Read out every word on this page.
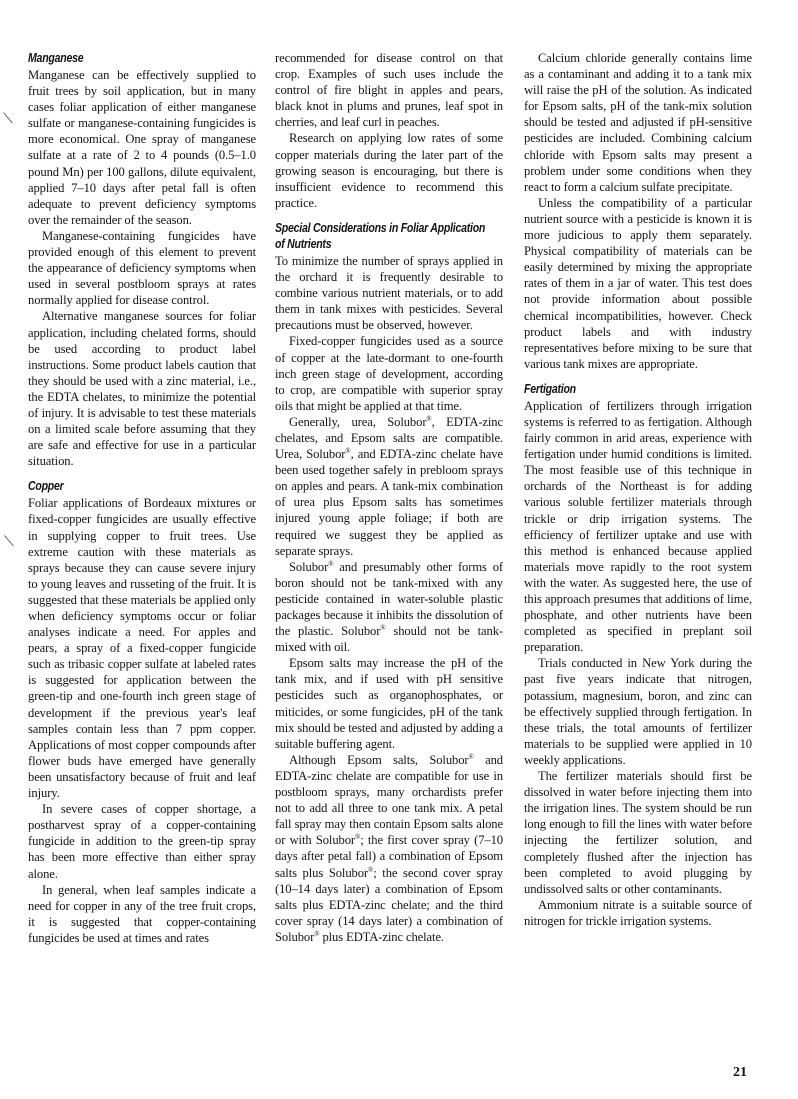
⟍
⟍
Manganese

Manganese can be effectively supplied to fruit trees by soil application, but in many cases foliar application of either manganese sulfate or manganese-containing fungicides is more economical. One spray of manganese sulfate at a rate of 2 to 4 pounds (0.5–1.0 pound Mn) per 100 gallons, dilute equivalent, applied 7–10 days after petal fall is often adequate to prevent deficiency symptoms over the remainder of the season.

Manganese-containing fungicides have provided enough of this element to prevent the appearance of deficiency symptoms when used in several postbloom sprays at rates normally applied for disease control.

Alternative manganese sources for foliar application, including chelated forms, should be used according to product label instructions. Some product labels caution that they should be used with a zinc material, i.e., the EDTA chelates, to minimize the potential of injury. It is advisable to test these materials on a limited scale before assuming that they are safe and effective for use in a particular situation.

Copper

Foliar applications of Bordeaux mixtures or fixed-copper fungicides are usually effective in supplying copper to fruit trees. Use extreme caution with these materials as sprays because they can cause severe injury to young leaves and russeting of the fruit. It is suggested that these materials be applied only when deficiency symptoms occur or foliar analyses indicate a need. For apples and pears, a spray of a fixed-copper fungicide such as tribasic copper sulfate at labeled rates is suggested for application between the green-tip and one-fourth inch green stage of development if the previous year's leaf samples contain less than 7 ppm copper. Applications of most copper compounds after flower buds have emerged have generally been unsatisfactory because of fruit and leaf injury.

In severe cases of copper shortage, a postharvest spray of a copper-containing fungicide in addition to the green-tip spray has been more effective than either spray alone.

In general, when leaf samples indicate a need for copper in any of the tree fruit crops, it is suggested that copper-containing fungicides be used at times and rates

recommended for disease control on that crop. Examples of such uses include the control of fire blight in apples and pears, black knot in plums and prunes, leaf spot in cherries, and leaf curl in peaches.

Research on applying low rates of some copper materials during the later part of the growing season is encouraging, but there is insufficient evidence to recommend this practice.

Special Considerations in Foliar Application of Nutrients

To minimize the number of sprays applied in the orchard it is frequently desirable to combine various nutrient materials, or to add them in tank mixes with pesticides. Several precautions must be observed, however.

Fixed-copper fungicides used as a source of copper at the late-dormant to one-fourth inch green stage of development, according to crop, are compatible with superior spray oils that might be applied at that time.

Generally, urea, Solubor®, EDTA-zinc chelates, and Epsom salts are compatible. Urea, Solubor®, and EDTA-zinc chelate have been used together safely in prebloom sprays on apples and pears. A tank-mix combination of urea plus Epsom salts has sometimes injured young apple foliage; if both are required we suggest they be applied as separate sprays.

Solubor® and presumably other forms of boron should not be tank-mixed with any pesticide contained in water-soluble plastic packages because it inhibits the dissolution of the plastic. Solubor® should not be tank-mixed with oil.

Epsom salts may increase the pH of the tank mix, and if used with pH sensitive pesticides such as organophosphates, or miticides, or some fungicides, pH of the tank mix should be tested and adjusted by adding a suitable buffering agent.

Although Epsom salts, Solubor® and EDTA-zinc chelate are compatible for use in postbloom sprays, many orchardists prefer not to add all three to one tank mix. A petal fall spray may then contain Epsom salts alone or with Solubor®; the first cover spray (7–10 days after petal fall) a combination of Epsom salts plus Solubor®; the second cover spray (10–14 days later) a combination of Epsom salts plus EDTA-zinc chelate; and the third cover spray (14 days later) a combination of Solubor® plus EDTA-zinc chelate.

Calcium chloride generally contains lime as a contaminant and adding it to a tank mix will raise the pH of the solution. As indicated for Epsom salts, pH of the tank-mix solution should be tested and adjusted if pH-sensitive pesticides are included. Combining calcium chloride with Epsom salts may present a problem under some conditions when they react to form a calcium sulfate precipitate.

Unless the compatibility of a particular nutrient source with a pesticide is known it is more judicious to apply them separately. Physical compatibility of materials can be easily determined by mixing the appropriate rates of them in a jar of water. This test does not provide information about possible chemical incompatibilities, however. Check product labels and with industry representatives before mixing to be sure that various tank mixes are appropriate.

Fertigation

Application of fertilizers through irrigation systems is referred to as fertigation. Although fairly common in arid areas, experience with fertigation under humid conditions is limited. The most feasible use of this technique in orchards of the Northeast is for adding various soluble fertilizer materials through trickle or drip irrigation systems. The efficiency of fertilizer uptake and use with this method is enhanced because applied materials move rapidly to the root system with the water. As suggested here, the use of this approach presumes that additions of lime, phosphate, and other nutrients have been completed as specified in preplant soil preparation.

Trials conducted in New York during the past five years indicate that nitrogen, potassium, magnesium, boron, and zinc can be effectively supplied through fertigation. In these trials, the total amounts of fertilizer materials to be supplied were applied in 10 weekly applications.

The fertilizer materials should first be dissolved in water before injecting them into the irrigation lines. The system should be run long enough to fill the lines with water before injecting the fertilizer solution, and completely flushed after the injection has been completed to avoid plugging by undissolved salts or other contaminants.

Ammonium nitrate is a suitable source of nitrogen for trickle irrigation systems.

21
